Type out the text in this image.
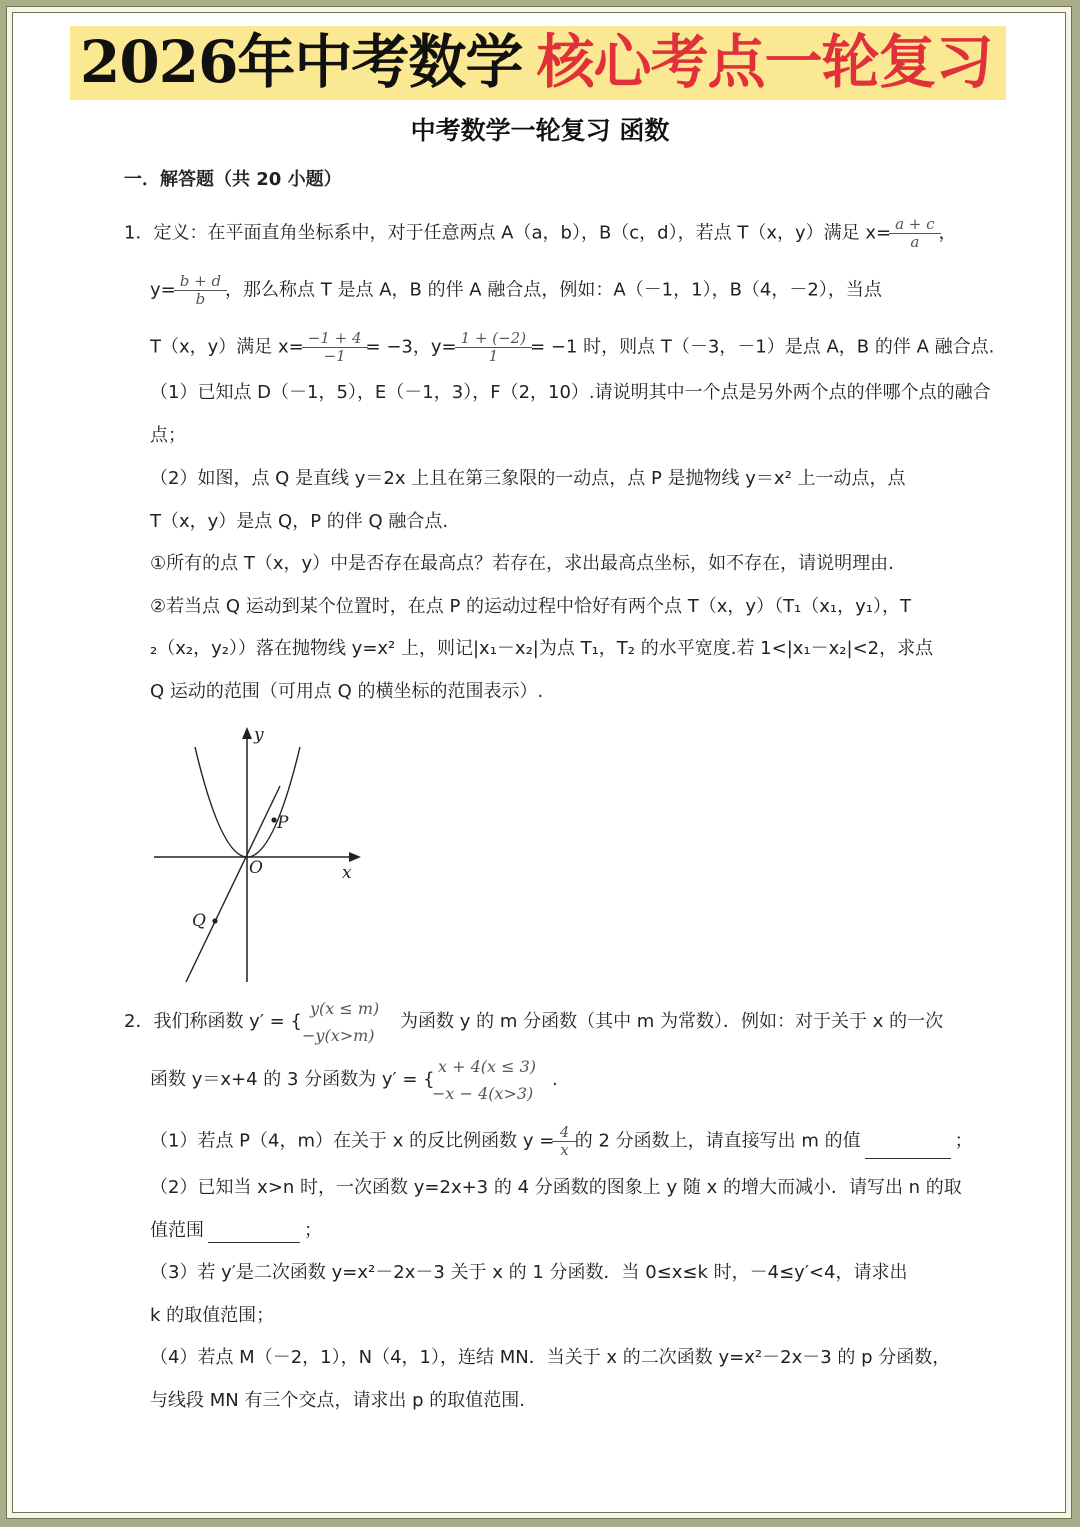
2026年中考数学 核心考点一轮复习
中考数学一轮复习 函数
一．解答题（共 20 小题）
1．定义：在平面直角坐标系中，对于任意两点 A（a，b），B（c，d），若点 T（x，y）满足 $x= \frac{a + c}{a}$ ，
$y= \frac{b + d}{b}$ ，那么称点 T 是点 A，B 的伴 A 融合点，例如：A（－1，1），B（4，－2），当点
T（x，y）满足 $x= \frac{-1 + 4}{-1} = -3$，$y= \frac{1 + (-2)}{1} = -1$ 时，则点 T（－3，－1）是点 A，B 的伴 A 融合点.
（1）已知点 D（－1，5），E（－1，3），F（2，10）.请说明其中一个点是另外两个点的伴哪个点的融合
点；
（2）如图，点 Q 是直线 y＝2x 上且在第三象限的一动点，点 P 是抛物线 y＝x² 上一动点，点
T（x，y）是点 Q，P 的伴 Q 融合点.
①所有的点 T（x，y）中是否存在最高点？若存在，求出最高点坐标，如不存在，请说明理由.
②若当点 Q 运动到某个位置时，在点 P 的运动过程中恰好有两个点 T（x，y）（T₁（x₁，y₁），T
₂（x₂，y₂））落在抛物线 y=x² 上，则记|x₁－x₂|为点 T₁，T₂ 的水平宽度.若 1<|x₁－x₂|<2，求点
Q 运动的范围（可用点 Q 的横坐标的范围表示）.
y
x
O
P
Q
2．我们称函数 y′ = {
y(x ≤ m)
−y(x>m)
为函数 y 的 m 分函数（其中 m 为常数）．例如：对于关于 x 的一次
函数 y＝x+4 的 3 分函数为 y′ = {
x + 4(x ≤ 3)
−x − 4(x>3)
.
（1）若点 P（4，m）在关于 x 的反比例函数 $y = \frac{4}{x}$ 的 2 分函数上，请直接写出 m 的值	；
（2）已知当 x>n 时，一次函数 y=2x+3 的 4 分函数的图象上 y 随 x 的增大而减小．请写出 n 的取
值范围	；
（3）若 y′是二次函数 y=x²－2x－3 关于 x 的 1 分函数．当 0≤x≤k 时，－4≤y′<4，请求出
k 的取值范围；
（4）若点 M（－2，1），N（4，1），连结 MN．当关于 x 的二次函数 y=x²－2x－3 的 p 分函数，
与线段 MN 有三个交点，请求出 p 的取值范围.
